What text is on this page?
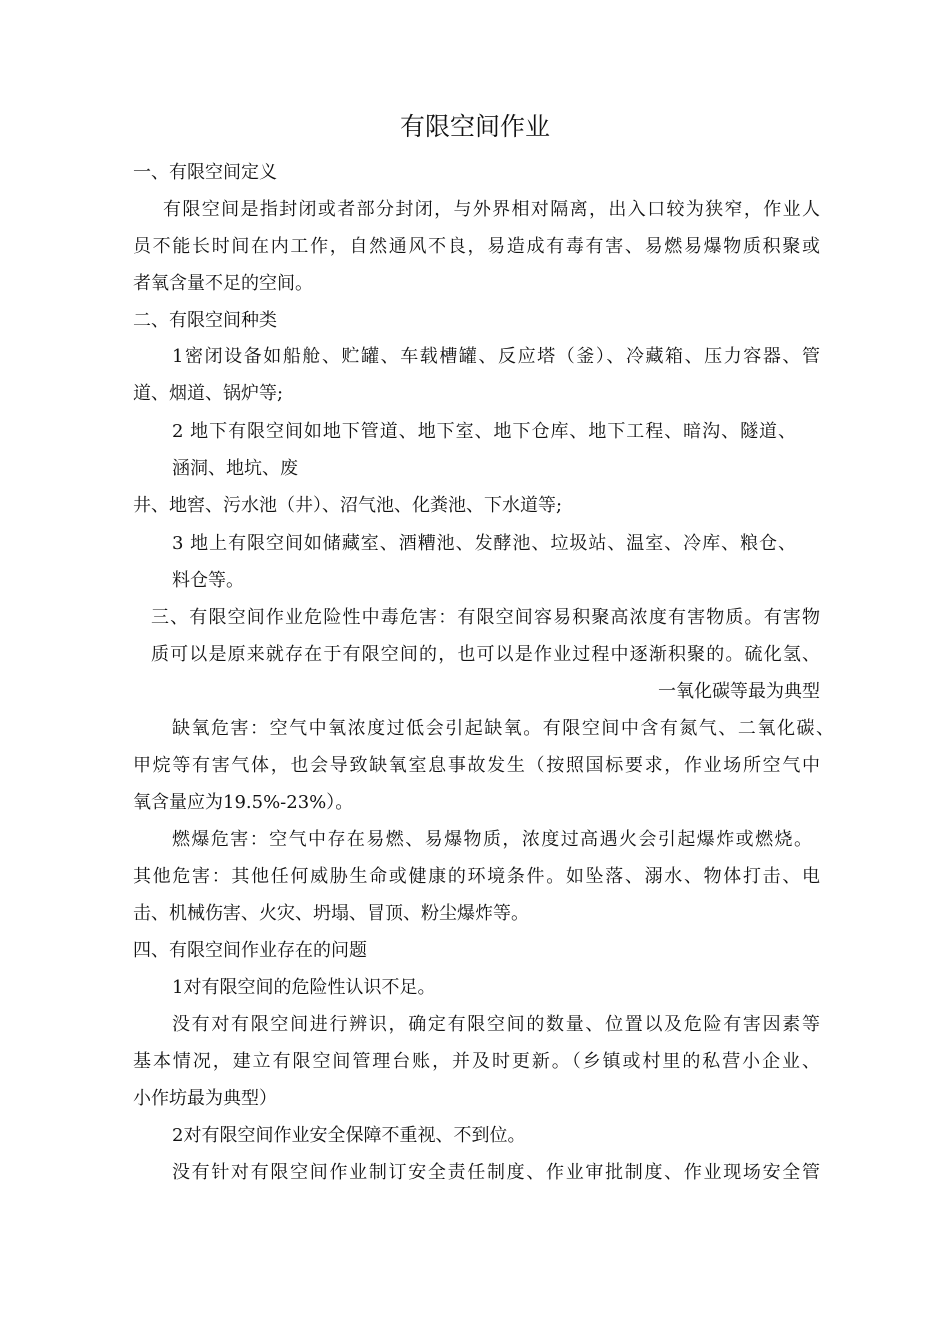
有限空间作业

一、有限空间定义

有限空间是指封闭或者部分封闭，与外界相对隔离，出入口较为狭窄，作业人

员不能长时间在内工作，自然通风不良，易造成有毒有害、易燃易爆物质积聚或

者氧含量不足的空间。

二、有限空间种类

1密闭设备如船舱、贮罐、车载槽罐、反应塔（釜）、冷藏箱、压力容器、管

道、烟道、锅炉等;

2 地下有限空间如地下管道、地下室、地下仓库、地下工程、暗沟、隧道、

涵洞、地坑、废

井、地窖、污水池（井）、沼气池、化粪池、下水道等;

3 地上有限空间如储藏室、酒糟池、发酵池、垃圾站、温室、冷库、粮仓、

料仓等。

三、有限空间作业危险性中毒危害：有限空间容易积聚高浓度有害物质。有害物

质可以是原来就存在于有限空间的，也可以是作业过程中逐渐积聚的。硫化氢、

一氧化碳等最为典型

缺氧危害：空气中氧浓度过低会引起缺氧。有限空间中含有氮气、二氧化碳、

甲烷等有害气体，也会导致缺氧室息事故发生（按照国标要求，作业场所空气中

氧含量应为19.5%-23%）。

燃爆危害：空气中存在易燃、易爆物质，浓度过高遇火会引起爆炸或燃烧。

其他危害：其他任何威胁生命或健康的环境条件。如坠落、溺水、物体打击、电

击、机械伤害、火灾、坍塌、冒顶、粉尘爆炸等。

四、有限空间作业存在的问题

1对有限空间的危险性认识不足。

没有对有限空间进行辨识，确定有限空间的数量、位置以及危险有害因素等

基本情况，建立有限空间管理台账，并及时更新。（乡镇或村里的私营小企业、

小作坊最为典型）

2对有限空间作业安全保障不重视、不到位。

没有针对有限空间作业制订安全责任制度、作业审批制度、作业现场安全管
